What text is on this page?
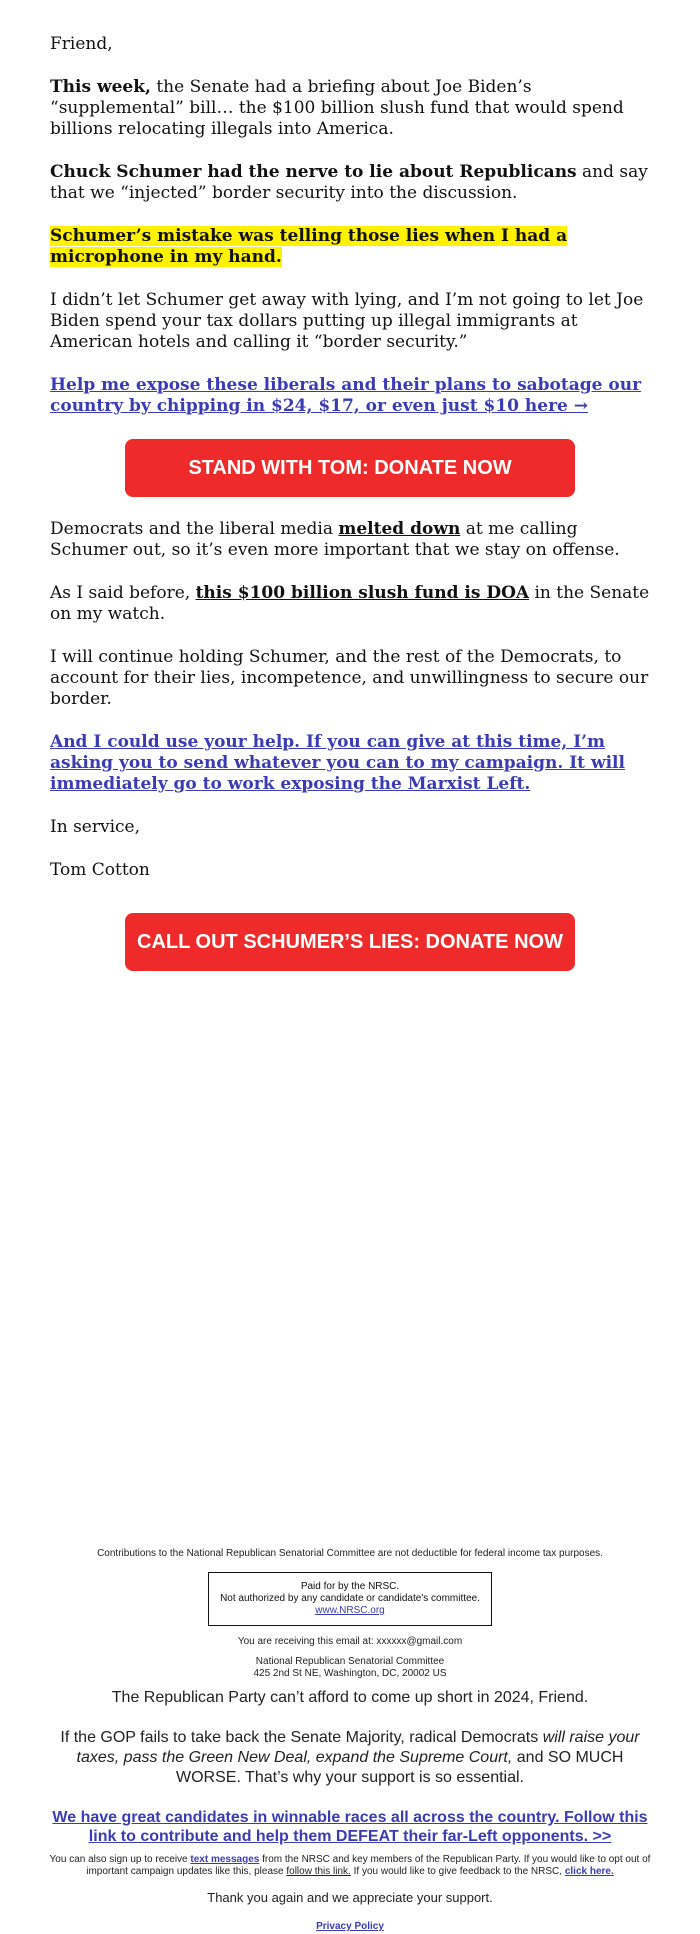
Friend,

This week, the Senate had a briefing about Joe Biden’s “supplemental” bill… the $100 billion slush fund that would spend billions relocating illegals into America.

Chuck Schumer had the nerve to lie about Republicans and say that we “injected” border security into the discussion.

Schumer’s mistake was telling those lies when I had a microphone in my hand.

I didn’t let Schumer get away with lying, and I’m not going to let Joe Biden spend your tax dollars putting up illegal immigrants at American hotels and calling it “border security.”

Help me expose these liberals and their plans to sabotage our country by chipping in $24, $17, or even just $10 here →

STAND WITH TOM: DONATE NOW

Democrats and the liberal media melted down at me calling Schumer out, so it’s even more important that we stay on offense.

As I said before, this $100 billion slush fund is DOA in the Senate on my watch.

I will continue holding Schumer, and the rest of the Democrats, to account for their lies, incompetence, and unwillingness to secure our border.

And I could use your help. If you can give at this time, I’m asking you to send whatever you can to my campaign. It will immediately go to work exposing the Marxist Left.

In service,

Tom Cotton

CALL OUT SCHUMER’S LIES: DONATE NOW
Contributions to the National Republican Senatorial Committee are not deductible for federal income tax purposes.
Paid for by the NRSC.
Not authorized by any candidate or candidate's committee.
www.NRSC.org
You are receiving this email at: xxxxxx@gmail.com
National Republican Senatorial Committee
425 2nd St NE, Washington, DC, 20002 US
The Republican Party can’t afford to come up short in 2024, Friend.
If the GOP fails to take back the Senate Majority, radical Democrats will raise your taxes, pass the Green New Deal, expand the Supreme Court, and SO MUCH WORSE. That’s why your support is so essential.
We have great candidates in winnable races all across the country. Follow this link to contribute and help them DEFEAT their far-Left opponents. >>
You can also sign up to receive text messages from the NRSC and key members of the Republican Party. If you would like to opt out of important campaign updates like this, please follow this link. If you would like to give feedback to the NRSC, click here.
Thank you again and we appreciate your support.
Privacy Policy
